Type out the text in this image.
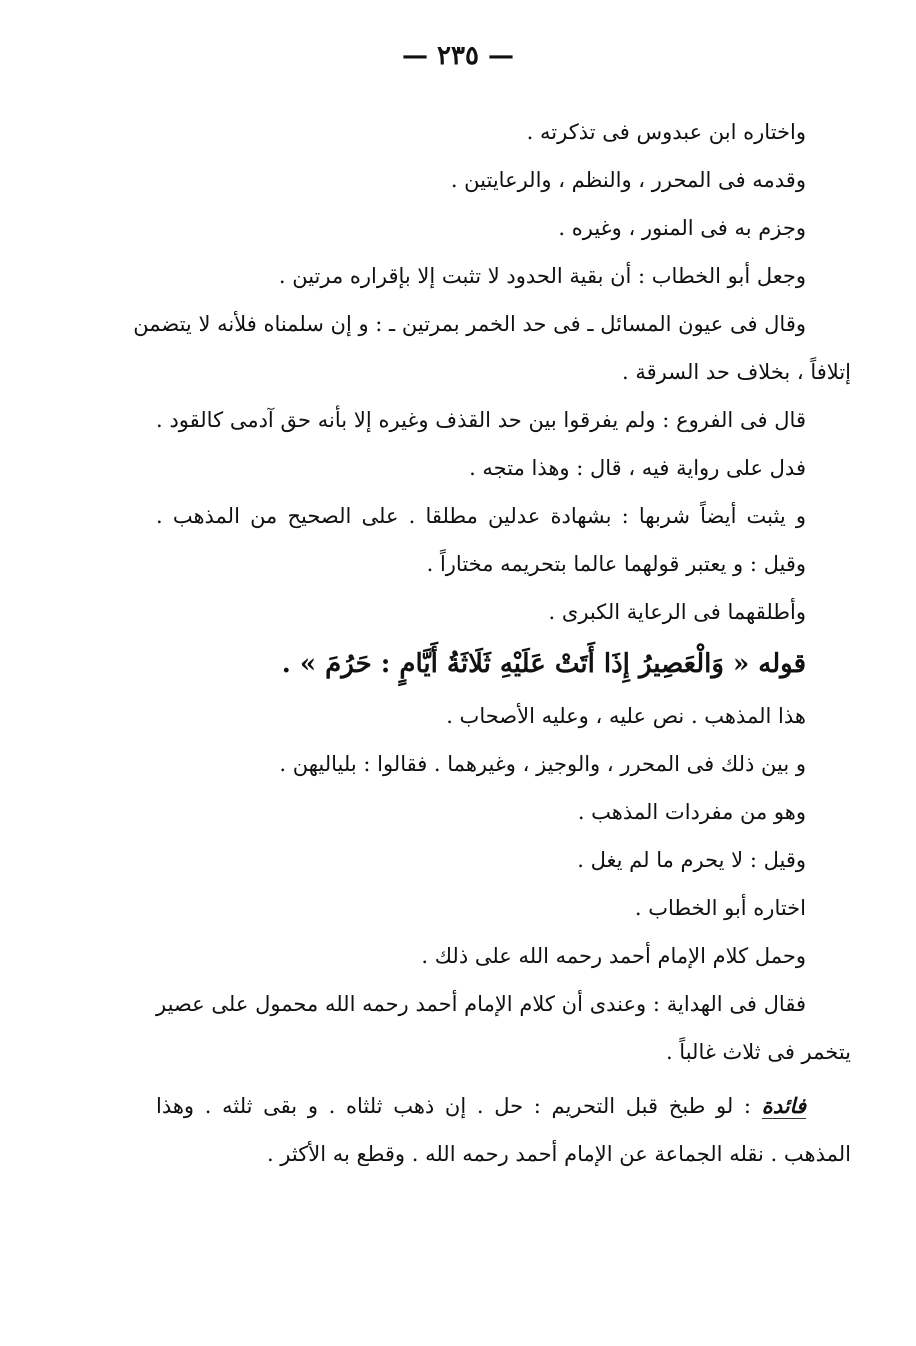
— ٢٣٥ —
واختاره ابن عبدوس فى تذكرته .
وقدمه فى المحرر ، والنظم ، والرعايتين .
وجزم به فى المنور ، وغيره .
وجعل أبو الخطاب : أن بقية الحدود لا تثبت إلا بإقراره مرتين .
وقال فى عيون المسائل ـ فى حد الخمر بمرتين ـ : و إن سلمناه فلأنه لا يتضمن
إتلافاً ، بخلاف حد السرقة .
قال فى الفروع : ولم يفرقوا بين حد القذف وغيره إلا بأنه حق آدمى كالقود .
فدل على رواية فيه ، قال : وهذا متجه .
و يثبت أيضاً شربها : بشهادة عدلين مطلقا . على الصحيح من المذهب .
وقيل : و يعتبر قولهما عالما بتحريمه مختاراً .
وأطلقهما فى الرعاية الكبرى .
قوله « وَالْعَصِيرُ إِذَا أَتَتْ عَلَيْهِ ثَلَاثَةُ أَيَّامٍ : حَرُمَ » .
هذا المذهب . نص عليه ، وعليه الأصحاب .
و بين ذلك فى المحرر ، والوجيز ، وغيرهما . فقالوا : بلياليهن .
وهو من مفردات المذهب .
وقيل : لا يحرم ما لم يغل .
اختاره أبو الخطاب .
وحمل كلام الإمام أحمد رحمه الله على ذلك .
فقال فى الهداية : وعندى أن كلام الإمام أحمد رحمه الله محمول على عصير
يتخمر فى ثلاث غالباً .
فائدة : لو طبخ قبل التحريم : حل . إن ذهب ثلثاه . و بقى ثلثه . وهذا
المذهب . نقله الجماعة عن الإمام أحمد رحمه الله . وقطع به الأكثر .
